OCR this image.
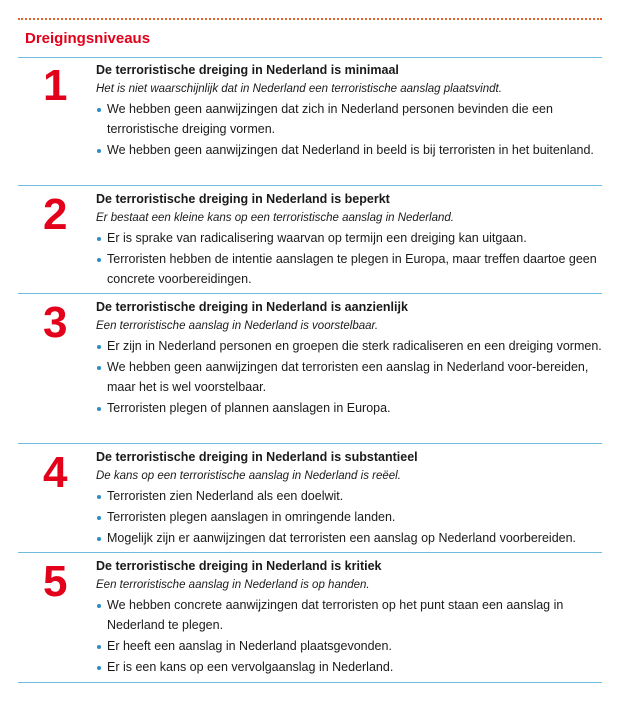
Dreigingsniveaus
1 De terroristische dreiging in Nederland is minimaal
Het is niet waarschijnlijk dat in Nederland een terroristische aanslag plaatsvindt.
We hebben geen aanwijzingen dat zich in Nederland personen bevinden die een terroristische dreiging vormen.
We hebben geen aanwijzingen dat Nederland in beeld is bij terroristen in het buitenland.
2 De terroristische dreiging in Nederland is beperkt
Er bestaat een kleine kans op een terroristische aanslag in Nederland.
Er is sprake van radicalisering waarvan op termijn een dreiging kan uitgaan.
Terroristen hebben de intentie aanslagen te plegen in Europa, maar treffen daartoe geen concrete voorbereidingen.
3 De terroristische dreiging in Nederland is aanzienlijk
Een terroristische aanslag in Nederland is voorstelbaar.
Er zijn in Nederland personen en groepen die sterk radicaliseren en een dreiging vormen.
We hebben geen aanwijzingen dat terroristen een aanslag in Nederland voor-bereiden, maar het is wel voorstelbaar.
Terroristen plegen of plannen aanslagen in Europa.
4 De terroristische dreiging in Nederland is substantieel
De kans op een terroristische aanslag in Nederland is reëel.
Terroristen zien Nederland als een doelwit.
Terroristen plegen aanslagen in omringende landen.
Mogelijk zijn er aanwijzingen dat terroristen een aanslag op Nederland voorbereiden.
5 De terroristische dreiging in Nederland is kritiek
Een terroristische aanslag in Nederland is op handen.
We hebben concrete aanwijzingen dat terroristen op het punt staan een aanslag in Nederland te plegen.
Er heeft een aanslag in Nederland plaatsgevonden.
Er is een kans op een vervolgaanslag in Nederland.
